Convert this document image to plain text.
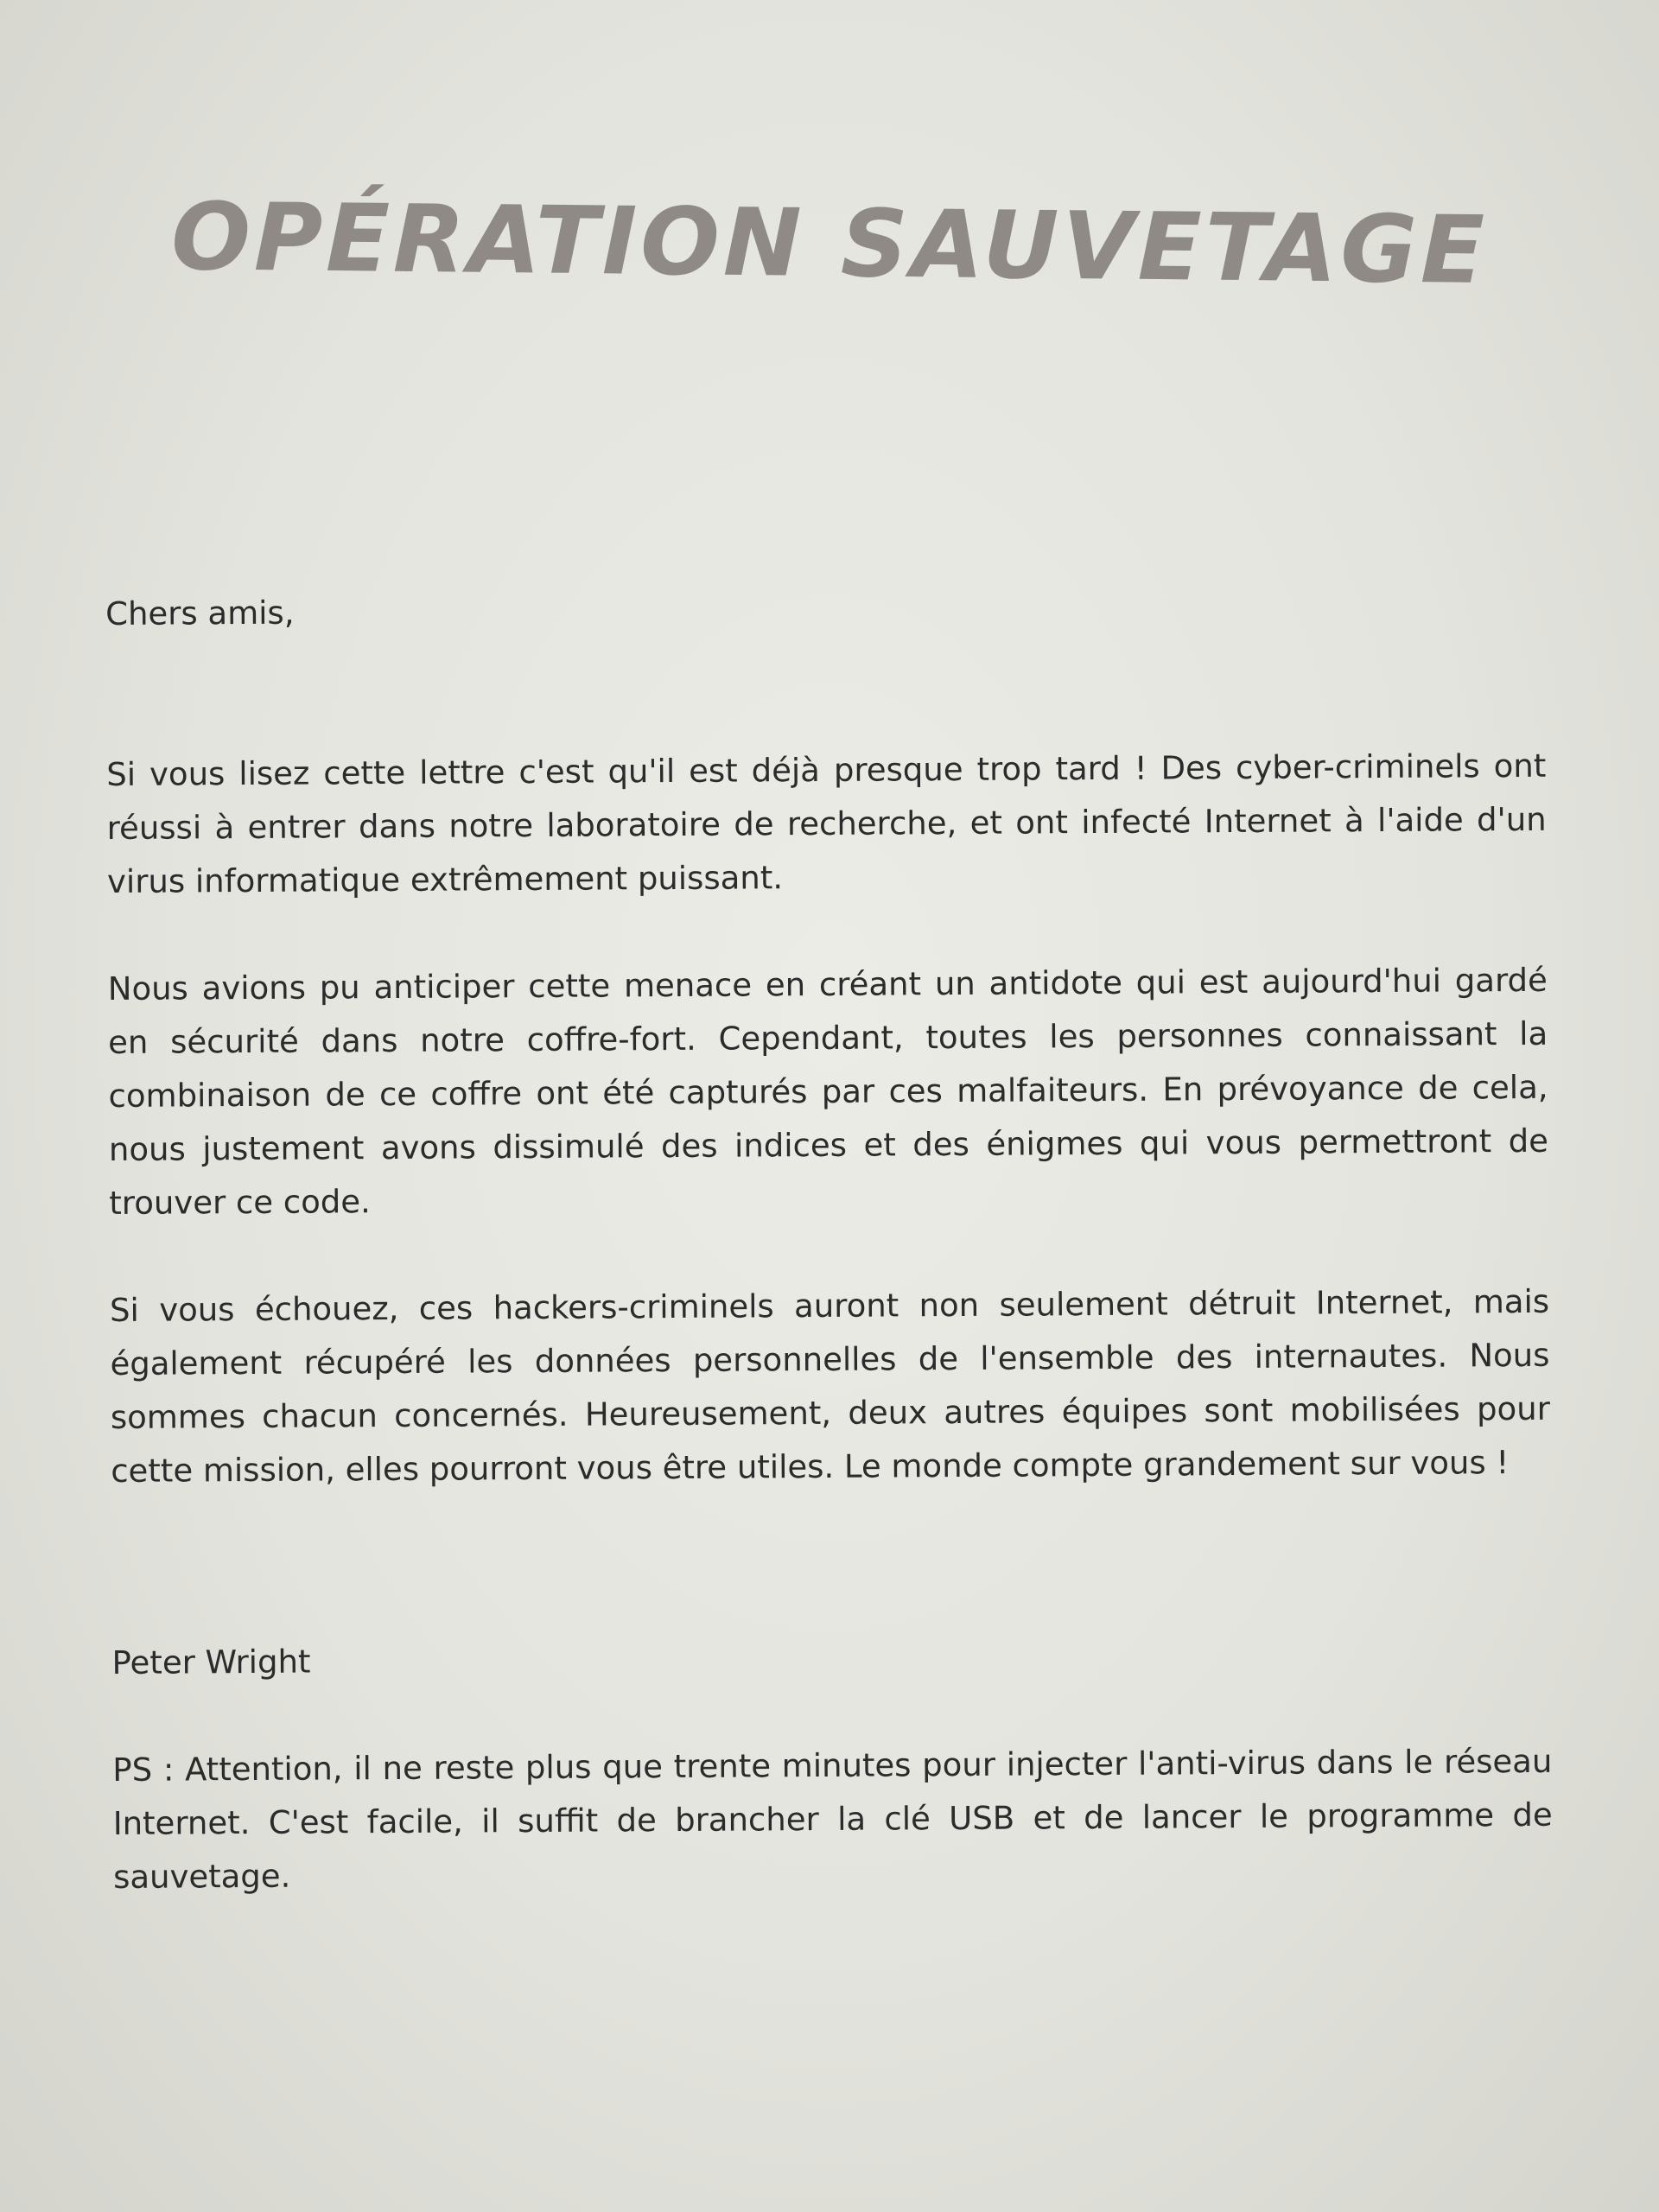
OPÉRATION SAUVETAGE

Chers amis,

Si vous lisez cette lettre c'est qu'il est déjà presque trop tard ! Des cyber-criminels ont réussi à entrer dans notre laboratoire de recherche, et ont infecté Internet à l'aide d'un virus informatique extrêmement puissant.

Nous avions pu anticiper cette menace en créant un antidote qui est aujourd'hui gardé en sécurité dans notre coffre-fort. Cependant, toutes les personnes connaissant la combinaison de ce coffre ont été capturés par ces malfaiteurs. En prévoyance de cela, nous justement avons dissimulé des indices et des énigmes qui vous permettront de trouver ce code.

Si vous échouez, ces hackers-criminels auront non seulement détruit Internet, mais également récupéré les données personnelles de l'ensemble des internautes. Nous sommes chacun concernés. Heureusement, deux autres équipes sont mobilisées pour cette mission, elles pourront vous être utiles. Le monde compte grandement sur vous !

Peter Wright

PS : Attention, il ne reste plus que trente minutes pour injecter l'anti-virus dans le réseau Internet. C'est facile, il suffit de brancher la clé USB et de lancer le programme de sauvetage.
